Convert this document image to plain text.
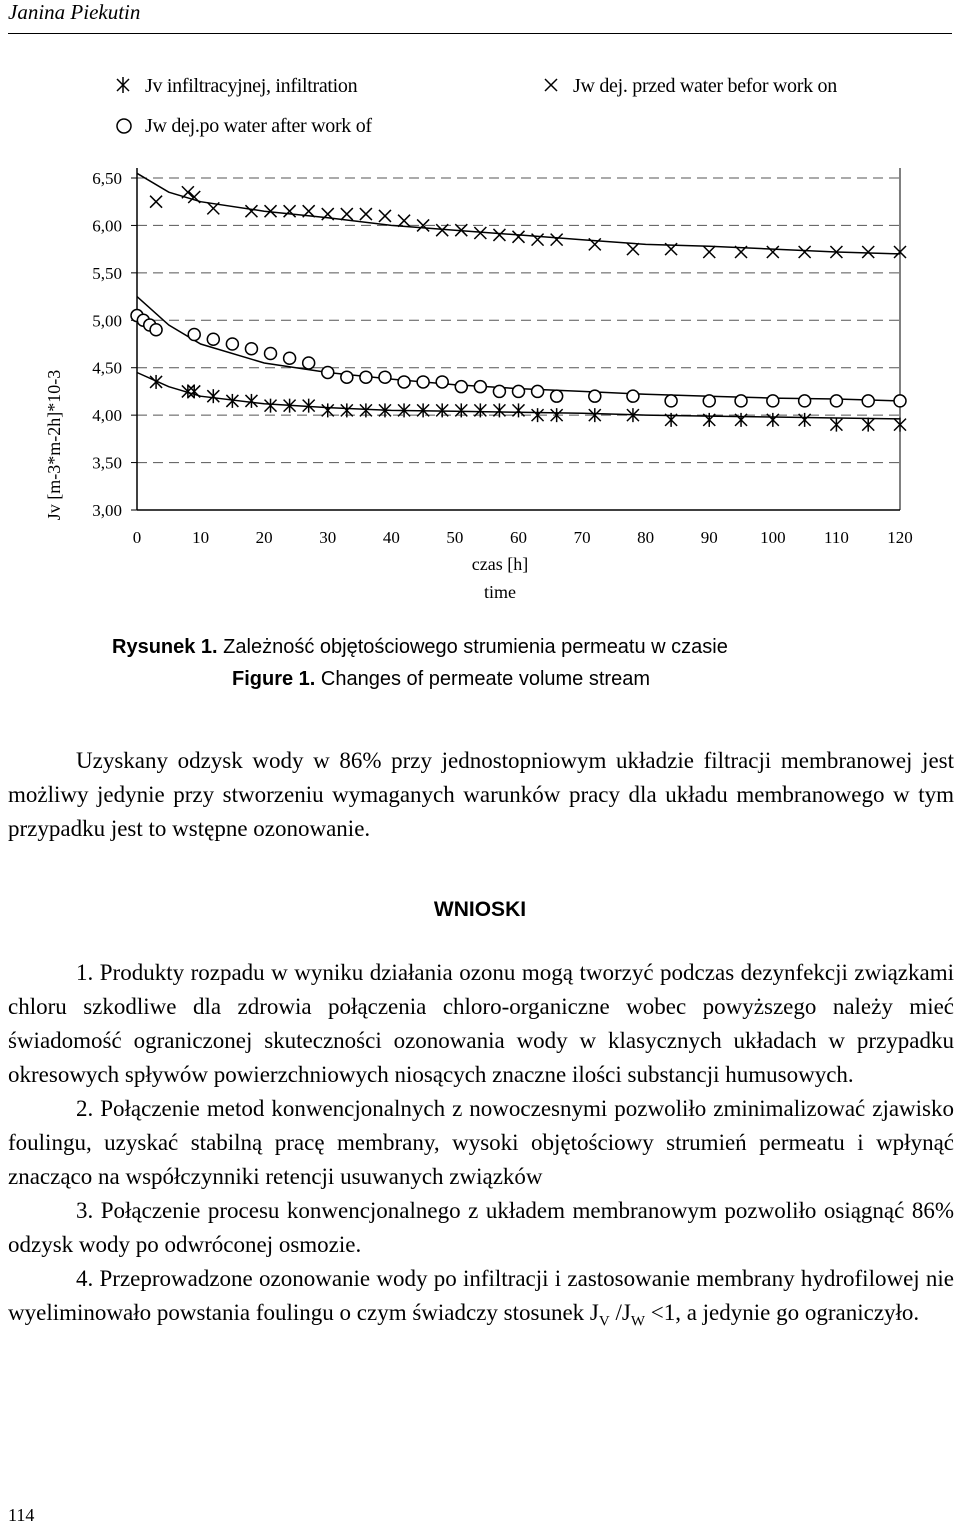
Janina Piekutin
Jv infiltracyjnej, infiltration	Jw dej. przed water befor work on
Jw dej.po water after work of
6,50
6,00
5,50
5,00
4,50
4,00
3,50
3,00
0	10	20	30	40	50	60	70	80	90 100 110 120
Jv [m-3*m-2h]*10-3
czas [h]
time
Rysunek 1. Zależność objętościowego strumienia permeatu w czasie
Figure 1. Changes of permeate volume stream

Uzyskany odzysk wody w 86% przy jednostopniowym układzie filtracji membranowej jest możliwy jedynie przy stworzeniu wymaganych warunków pracy dla układu membranowego w tym przypadku jest to wstępne ozonowanie.

WNIOSKI

1. Produkty rozpadu w wyniku działania ozonu mogą tworzyć podczas dezynfekcji związkami chloru szkodliwe dla zdrowia połączenia chloro-organiczne wobec powyższego należy mieć świadomość ograniczonej skuteczności ozonowania wody w klasycznych układach w przypadku okresowych spływów powierzchniowych niosących znaczne ilości substancji humusowych.

2. Połączenie metod konwencjonalnych z nowoczesnymi pozwoliło zminimalizować zjawisko foulingu, uzyskać stabilną pracę membrany, wysoki objętościowy strumień permeatu i wpłynąć znacząco na współczynniki retencji usuwanych związków

3. Połączenie procesu konwencjonalnego z układem membranowym pozwoliło osiągnąć 86% odzysk wody po odwróconej osmozie.

4. Przeprowadzone ozonowanie wody po infiltracji i zastosowanie membrany hydrofilowej nie wyeliminowało powstania foulingu o czym świadczy stosunek $J_V$ $/J_W <1$, a jedynie go ograniczyło.

114
